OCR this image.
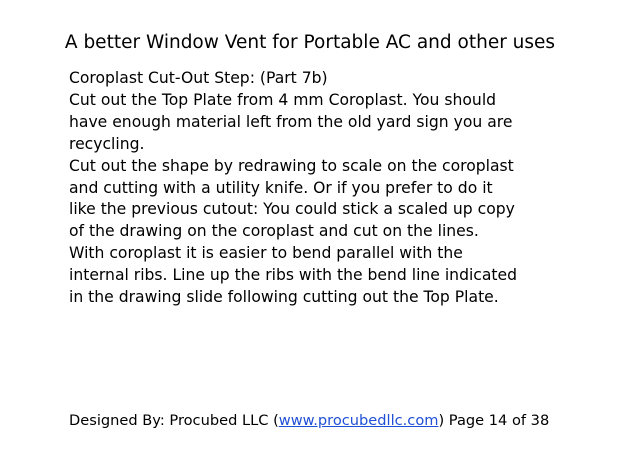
A better Window Vent for Portable AC and other uses
Coroplast Cut-Out Step: (Part 7b)
Cut out the Top Plate from 4 mm Coroplast. You should
have enough material left from the old yard sign you are
recycling.
Cut out the shape by redrawing to scale on the coroplast
and cutting with a utility knife. Or if you prefer to do it
like the previous cutout: You could stick a scaled up copy
of the drawing on the coroplast and cut on the lines.
With coroplast it is easier to bend parallel with the
internal ribs. Line up the ribs with the bend line indicated
in the drawing slide following cutting out the Top Plate.
Designed By: Procubed LLC (www.procubedllc.com) Page 14 of 38
